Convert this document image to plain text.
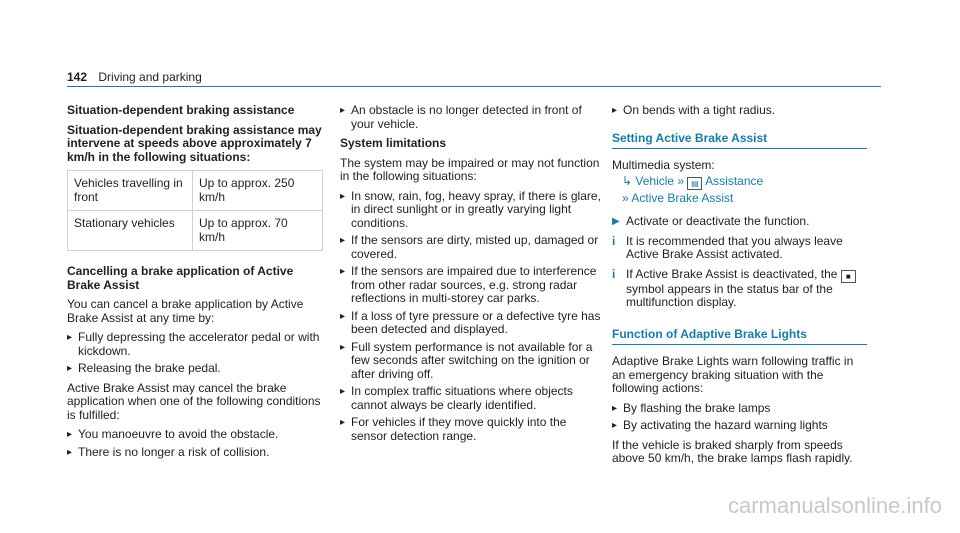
142 Driving and parking

Situation-dependent braking assistance

Situation-dependent braking assistance may intervene at speeds above approximately 7 km/h in the following situations:

Vehicles travelling in front	Up to approx. 250 km/h
Stationary vehicles	Up to approx. 70 km/h

Cancelling a brake application of Active Brake Assist

You can cancel a brake application by Active Brake Assist at any time by:

▸ Fully depressing the accelerator pedal or with kickdown.
▸ Releasing the brake pedal.

Active Brake Assist may cancel the brake application when one of the following conditions is fulfilled:

▸ You manoeuvre to avoid the obstacle.
▸ There is no longer a risk of collision.
▸ An obstacle is no longer detected in front of your vehicle.

System limitations

The system may be impaired or may not function in the following situations:

▸ In snow, rain, fog, heavy spray, if there is glare, in direct sunlight or in greatly varying light conditions.
▸ If the sensors are dirty, misted up, damaged or covered.
▸ If the sensors are impaired due to interference from other radar sources, e.g. strong radar reflections in multi-storey car parks.
▸ If a loss of tyre pressure or a defective tyre has been detected and displayed.
▸ Full system performance is not available for a few seconds after switching on the ignition or after driving off.
▸ In complex traffic situations where objects cannot always be clearly identified.
▸ For vehicles if they move quickly into the sensor detection range.
▸ On bends with a tight radius.
Setting Active Brake Assist

Multimedia system:

↳ Vehicle » ▤ Assistance
» Active Brake Assist
▶ Activate or deactivate the function.
i It is recommended that you always leave Active Brake Assist activated.
i If Active Brake Assist is deactivated, the ■ symbol appears in the status bar of the multifunction display.
Function of Adaptive Brake Lights

Adaptive Brake Lights warn following traffic in an emergency braking situation with the following actions:

▸ By flashing the brake lamps
▸ By activating the hazard warning lights

If the vehicle is braked sharply from speeds above 50 km/h, the brake lamps flash rapidly.

carmanualsonline.info
